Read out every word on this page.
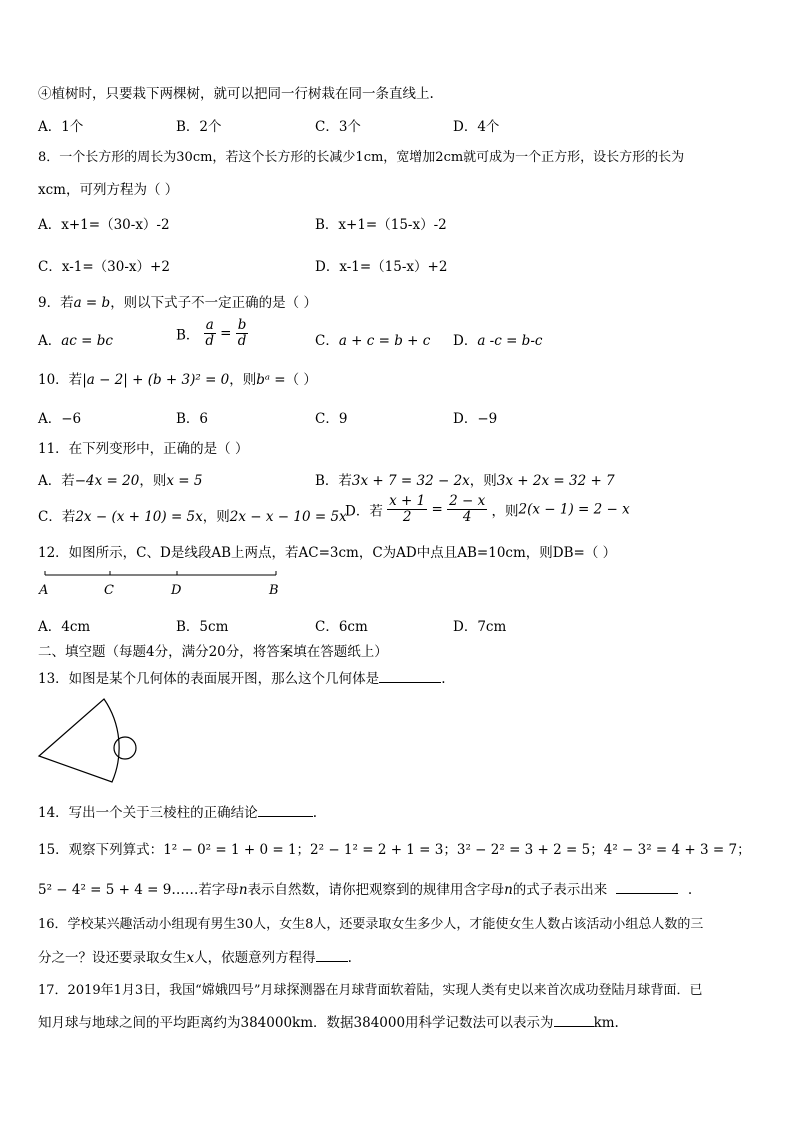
④植树时，只要栽下两棵树，就可以把同一行树栽在同一条直线上.
A．1个	B．2个	C．3个	D．4个
8．一个长方形的周长为30cm，若这个长方形的长减少1cm，宽增加2cm就可成为一个正方形，设长方形的长为
xcm，可列方程为（ ）
A．x+1=（30-x）-2	B．x+1=（15-x）-2
C．x-1=（30-x）+2	D．x-1=（15-x）+2
9．若a = b，则以下式子不一定正确的是（ ）
A．ac = bc	B． $\frac{a}{d} = \frac{b}{d}$	C．a + c = b + c D．a -c = b-c
10．若|a − 2| + (b + 3)² = 0，则bᵃ =（ ）
A．−6	B．6	C．9	D．−9
11．在下列变形中，正确的是（ ）
A．若−4x = 20，则x = 5	B．若3x + 7 = 32 − 2x，则3x + 2x = 32 + 7
C．若2x − (x + 10) = 5x，则2x − x − 10 = 5x
D．若 $\frac{x + 1}{2} = \frac{2 - x}{4}$ ，则2(x − 1) = 2 − x
12．如图所示，C、D是线段AB上两点，若AC=3cm，C为AD中点且AB=10cm，则DB=（ ）
A	C	D	B
A．4cm	B．5cm	C．6cm	D．7cm
二、填空题（每题4分，满分20分，将答案填在答题纸上）
13．如图是某个几何体的表面展开图，那么这个几何体是	.
14．写出一个关于三棱柱的正确结论	.
15．观察下列算式：1² − 0² = 1 + 0 = 1；2² − 1² = 2 + 1 = 3；3² − 2² = 3 + 2 = 5；4² − 3² = 4 + 3 = 7；
5² − 4² = 5 + 4 = 9……若字母n表示自然数，请你把观察到的规律用含字母n的式子表示出来	.
16．学校某兴趣活动小组现有男生30人，女生8人，还要录取女生多少人，才能使女生人数占该活动小组总人数的三
分之一？设还要录取女生x人，依题意列方程得 .
17．2019年1月3日，我国“嫦娥四号”月球探测器在月球背面软着陆，实现人类有史以来首次成功登陆月球背面．已
知月球与地球之间的平均距离约为384000km．数据384000用科学记数法可以表示为	km.
